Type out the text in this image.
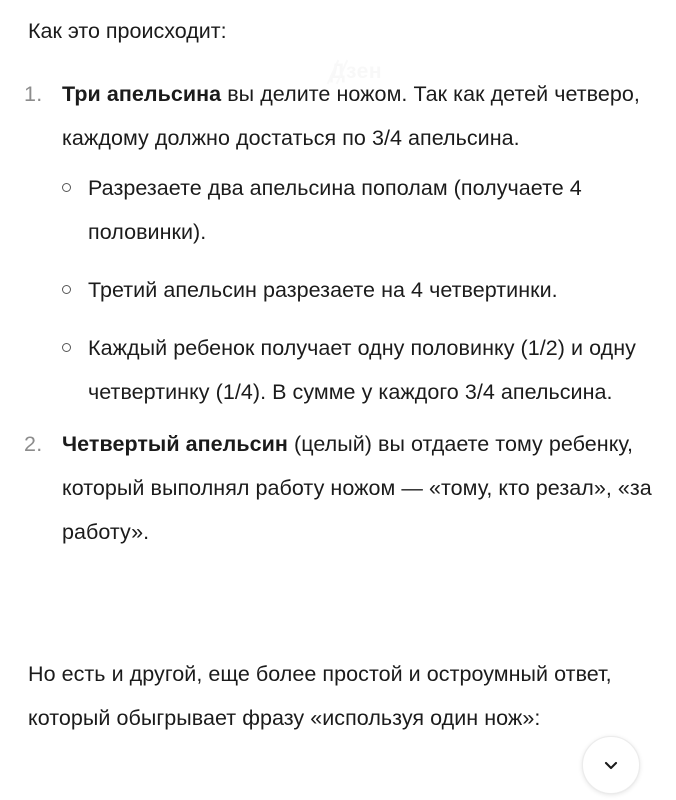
Дзен
Как это происходит:
1. Три апельсина вы делите ножом. Так как детей четверо, каждому должно достаться по 3/4 апельсина.
Разрезаете два апельсина пополам (получаете 4 половинки).
Третий апельсин разрезаете на 4 четвертинки.
Каждый ребенок получает одну половинку (1/2) и одну четвертинку (1/4). В сумме у каждого 3/4 апельсина.
2. Четвертый апельсин (целый) вы отдаете тому ребенку, который выполнял работу ножом — «тому, кто резал», «за работу».
Но есть и другой, еще более простой и остроумный ответ, который обыгрывает фразу «используя один нож»:
